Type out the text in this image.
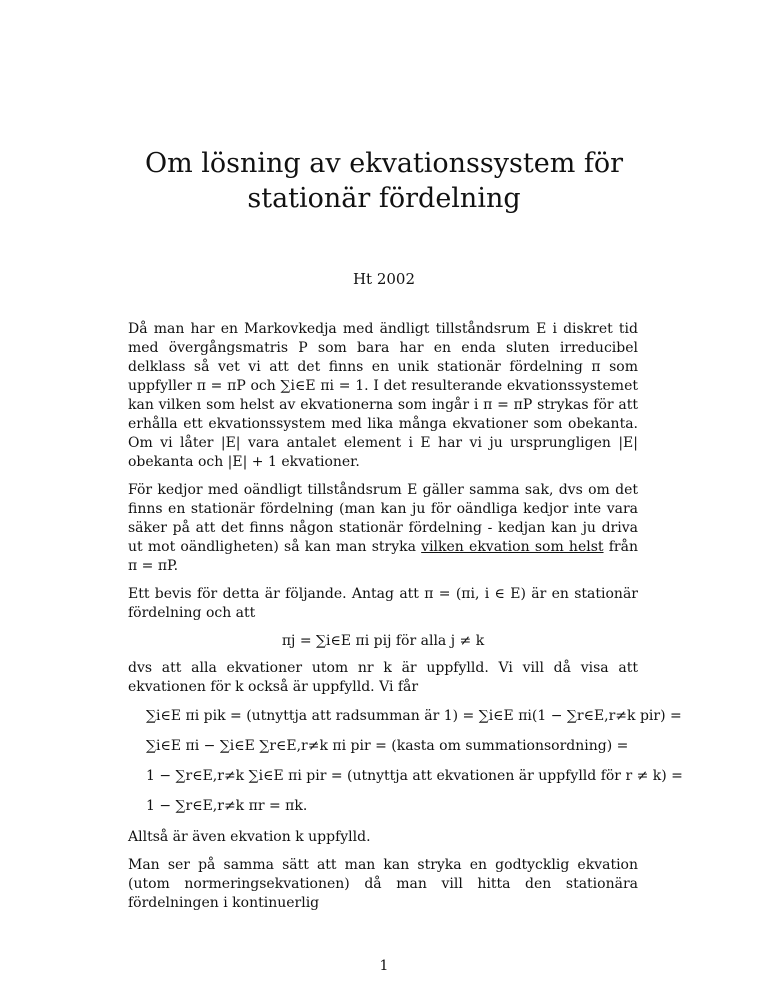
Om lösning av ekvationssystem för stationär fördelning
Ht 2002

Då man har en Markovkedja med ändligt tillståndsrum E i diskret tid med övergångsmatris P som bara har en enda sluten irreducibel delklass så vet vi att det finns en unik stationär fördelning π som uppfyller π = πP och ∑i∈E πi = 1. I det resulterande ekvationssystemet kan vilken som helst av ekvationerna som ingår i π = πP strykas för att erhålla ett ekvationssystem med lika många ekvationer som obekanta. Om vi låter |E| vara antalet element i E har vi ju ursprungligen |E| obekanta och |E| + 1 ekvationer.

För kedjor med oändligt tillståndsrum E gäller samma sak, dvs om det finns en stationär fördelning (man kan ju för oändliga kedjor inte vara säker på att det finns någon stationär fördelning - kedjan kan ju driva ut mot oändligheten) så kan man stryka vilken ekvation som helst från π = πP.

Ett bevis för detta är följande. Antag att π = (πi, i ∈ E) är en stationär fördelning och att

πj = ∑i∈E πi pij för alla j ≠ k

dvs att alla ekvationer utom nr k är uppfylld. Vi vill då visa att ekvationen för k också är uppfylld. Vi får

∑i∈E πi pik = (utnyttja att radsumman är 1) = ∑i∈E πi(1 − ∑r∈E,r≠k pir) =
∑i∈E πi − ∑i∈E ∑r∈E,r≠k πi pir = (kasta om summationsordning) =
1 − ∑r∈E,r≠k ∑i∈E πi pir = (utnyttja att ekvationen är uppfylld för r ≠ k) =
1 − ∑r∈E,r≠k πr = πk.

Alltså är även ekvation k uppfylld.

Man ser på samma sätt att man kan stryka en godtycklig ekvation (utom normeringsekvationen) då man vill hitta den stationära fördelningen i kontinuerlig

1
